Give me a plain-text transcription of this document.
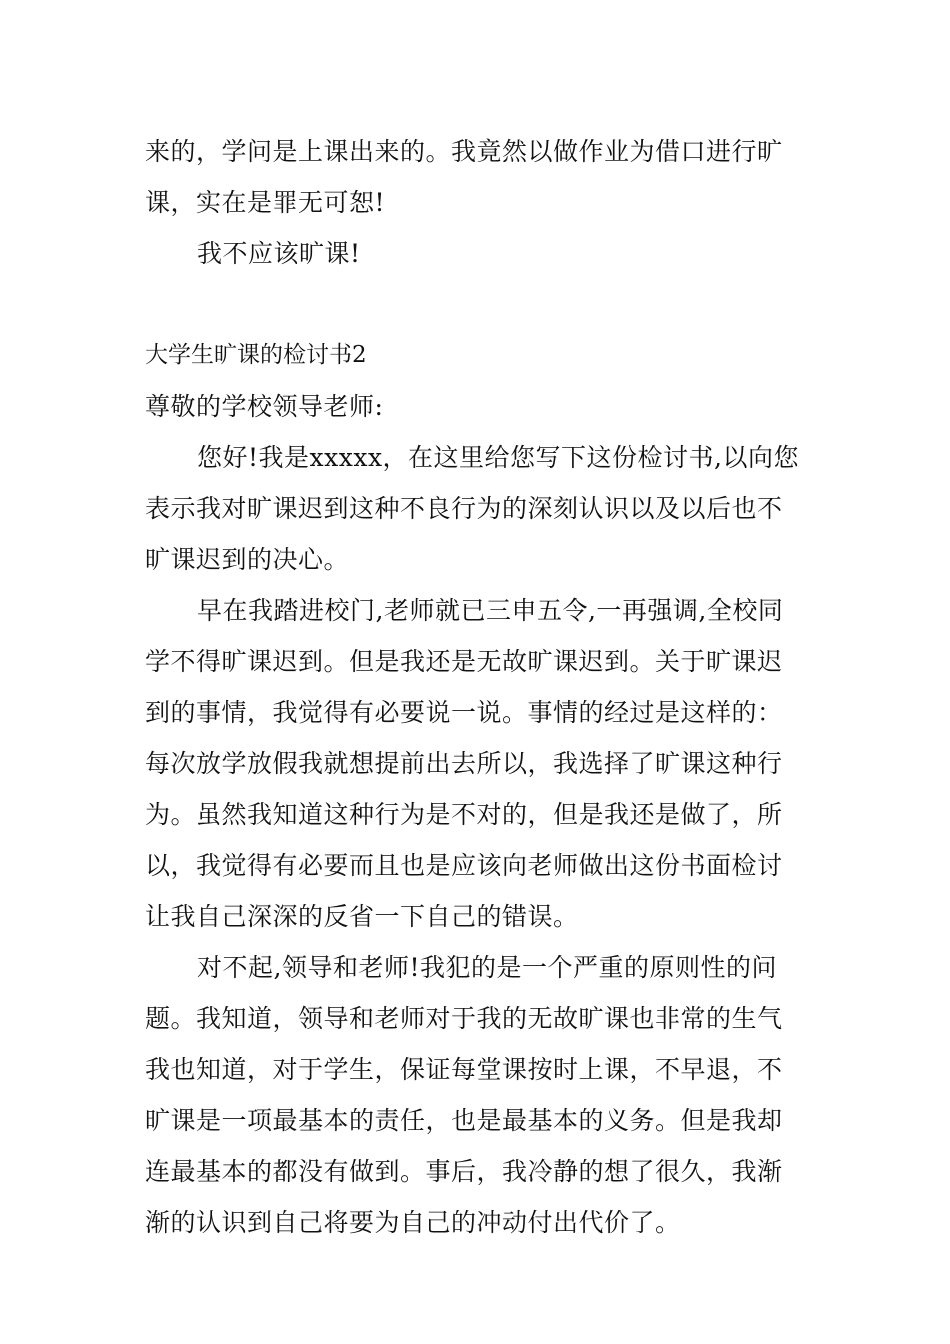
来的，学问是上课出来的。我竟然以做作业为借口进行旷
课，实在是罪无可恕!
我不应该旷课!
大学生旷课的检讨书2
尊敬的学校领导老师:
您好!我是xxxxx，在这里给您写下这份检讨书,以向您
表示我对旷课迟到这种不良行为的深刻认识以及以后也不
旷课迟到的决心。
早在我踏进校门,老师就已三申五令,一再强调,全校同
学不得旷课迟到。但是我还是无故旷课迟到。关于旷课迟
到的事情，我觉得有必要说一说。事情的经过是这样的：
每次放学放假我就想提前出去所以，我选择了旷课这种行
为。虽然我知道这种行为是不对的，但是我还是做了，所
以，我觉得有必要而且也是应该向老师做出这份书面检讨
让我自己深深的反省一下自己的错误。
对不起,领导和老师!我犯的是一个严重的原则性的问
题。我知道，领导和老师对于我的无故旷课也非常的生气
我也知道，对于学生，保证每堂课按时上课，不早退，不
旷课是一项最基本的责任，也是最基本的义务。但是我却
连最基本的都没有做到。事后，我冷静的想了很久，我渐
渐的认识到自己将要为自己的冲动付出代价了。
